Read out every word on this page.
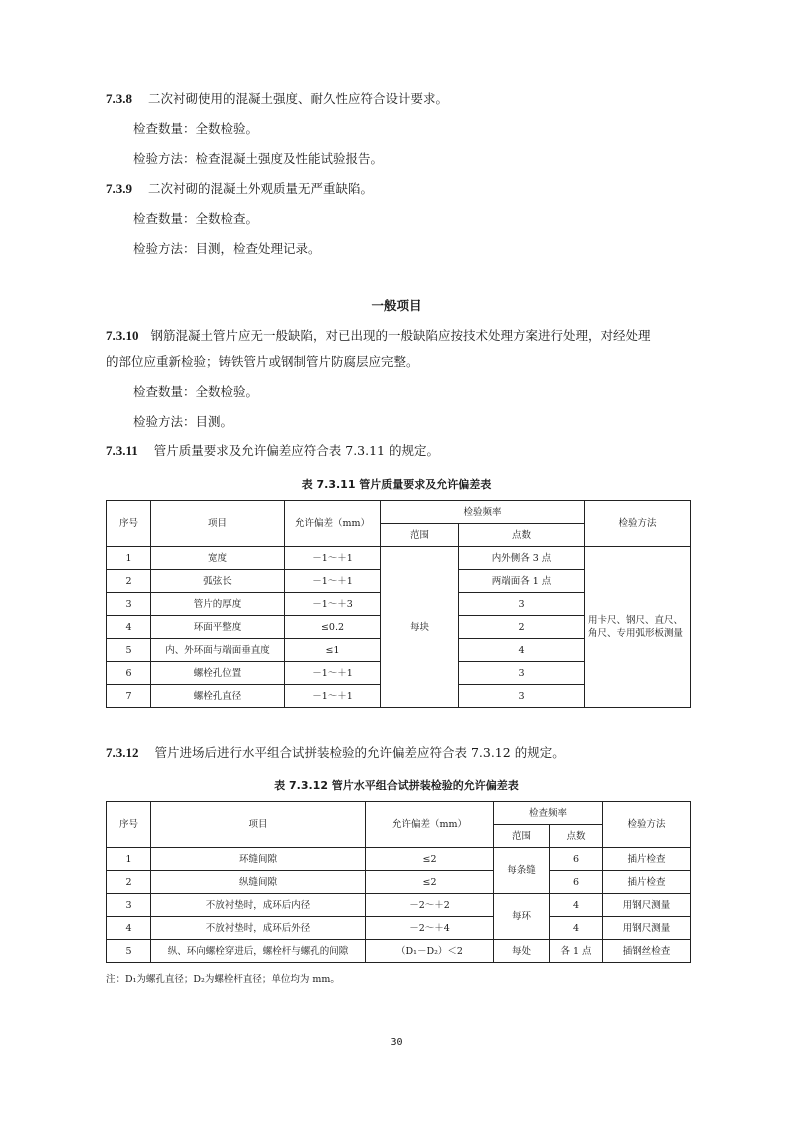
7.3.8 二次衬砌使用的混凝土强度、耐久性应符合设计要求。
检查数量：全数检验。
检验方法：检查混凝土强度及性能试验报告。
7.3.9 二次衬砌的混凝土外观质量无严重缺陷。
检查数量：全数检查。
检验方法：目测，检查处理记录。
一般项目
7.3.10 钢筋混凝土管片应无一般缺陷，对已出现的一般缺陷应按技术处理方案进行处理，对经处理
的部位应重新检验；铸铁管片或钢制管片防腐层应完整。
检查数量：全数检验。
检验方法：目测。
7.3.11 管片质量要求及允许偏差应符合表 7.3.11 的规定。
表 7.3.11 管片质量要求及允许偏差表
序号	项目	允许偏差（mm）	检验频率		检验方法
			范围	点数	
1	宽度	－1～＋1	每块	内外侧各 3 点	用卡尺、钢尺、直尺、角尺、专用弧形板测量
2	弧弦长	－1～＋1		两端面各 1 点	
3	管片的厚度	－1～＋3		3	
4	环面平整度	≤0.2		2	
5	内、外环面与端面垂直度	≤1		4	
6	螺栓孔位置	－1～＋1		3	
7	螺栓孔直径	－1～＋1		3	
7.3.12 管片进场后进行水平组合试拼装检验的允许偏差应符合表 7.3.12 的规定。
表 7.3.12 管片水平组合试拼装检验的允许偏差表
序号	项目	允许偏差（mm）	检查频率		检验方法
			范围	点数	
1	环缝间隙	≤2	每条缝	6	插片检查
2	纵缝间隙	≤2		6	插片检查
3	不放衬垫时，成环后内径	－2～＋2	每环	4	用钢尺测量
4	不放衬垫时，成环后外径	－2～＋4		4	用钢尺测量
5	纵、环向螺栓穿进后，螺栓杆与螺孔的间隙	（D₁－D₂）＜2	每处	各 1 点	插钢丝检查
注：D₁为螺孔直径；D₂为螺栓杆直径；单位均为 mm。
30
